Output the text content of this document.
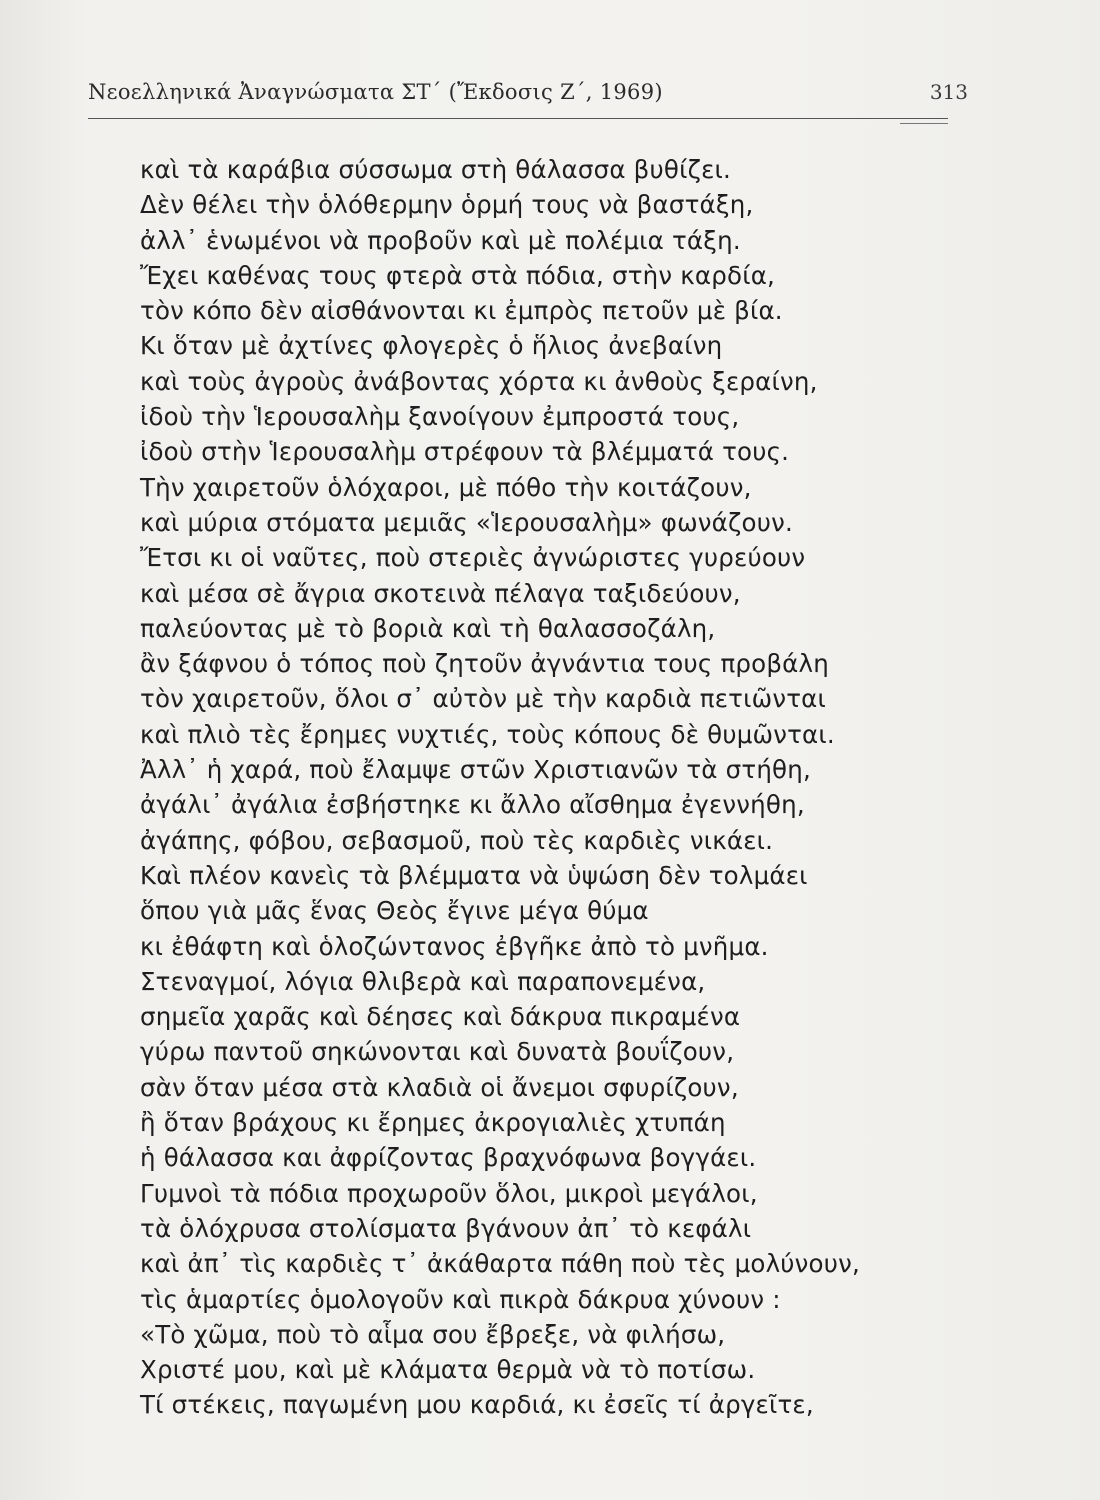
Νεοελληνικά Ἀναγνώσματα ΣΤ΄ (Ἔκδοσις Ζ΄, 1969)	313
καὶ τὰ καράβια σύσσωμα στὴ θάλασσα βυθίζει.
Δὲν θέλει τὴν ὁλόθερμην ὁρμή τους νὰ βαστάξη,
ἀλλ᾽ ἑνωμένοι νὰ προβοῦν καὶ μὲ πολέμια τάξη.
Ἔχει καθένας τους φτερὰ στὰ πόδια, στὴν καρδία,
τὸν κόπο δὲν αἰσθάνονται κι ἐμπρὸς πετοῦν μὲ βία.
Κι ὅταν μὲ ἀχτίνες φλογερὲς ὁ ἥλιος ἀνεβαίνη
καὶ τοὺς ἀγροὺς ἀνάβοντας χόρτα κι ἀνθοὺς ξεραίνη,
ἰδοὺ τὴν Ἱερουσαλὴμ ξανοίγουν ἐμπροστά τους,
ἰδοὺ στὴν Ἱερουσαλὴμ στρέφουν τὰ βλέμματά τους.
Τὴν χαιρετοῦν ὁλόχαροι, μὲ πόθο τὴν κοιτάζουν,
καὶ μύρια στόματα μεμιᾶς «Ἱερουσαλὴμ» φωνάζουν.
Ἔτσι κι οἱ ναῦτες, ποὺ στεριὲς ἀγνώριστες γυρεύουν
καὶ μέσα σὲ ἄγρια σκοτεινὰ πέλαγα ταξιδεύουν,
παλεύοντας μὲ τὸ βοριὰ καὶ τὴ θαλασσοζάλη,
ἂν ξάφνου ὁ τόπος ποὺ ζητοῦν ἀγνάντια τους προβάλη
τὸν χαιρετοῦν, ὅλοι σ᾽ αὐτὸν μὲ τὴν καρδιὰ πετιῶνται
καὶ πλιὸ τὲς ἔρημες νυχτιές, τοὺς κόπους δὲ θυμῶνται.
Ἀλλ᾽ ἡ χαρά, ποὺ ἔλαμψε στῶν Χριστιανῶν τὰ στήθη,
ἀγάλι᾽ ἀγάλια ἐσβήστηκε κι ἄλλο αἴσθημα ἐγεννήθη,
ἀγάπης, φόβου, σεβασμοῦ, ποὺ τὲς καρδιὲς νικάει.
Καὶ πλέον κανεὶς τὰ βλέμματα νὰ ὑψώση δὲν τολμάει
ὅπου γιὰ μᾶς ἕνας Θεὸς ἔγινε μέγα θύμα
κι ἐθάφτη καὶ ὁλοζώντανος ἐβγῆκε ἀπὸ τὸ μνῆμα.
Στεναγμοί, λόγια θλιβερὰ καὶ παραπονεμένα,
σημεῖα χαρᾶς καὶ δέησες καὶ δάκρυα πικραμένα
γύρω παντοῦ σηκώνονται καὶ δυνατὰ βουΐζουν,
σὰν ὅταν μέσα στὰ κλαδιὰ οἱ ἄνεμοι σφυρίζουν,
ἢ ὅταν βράχους κι ἔρημες ἀκρογιαλιὲς χτυπάη
ἡ θάλασσα και ἀφρίζοντας βραχνόφωνα βογγάει.
Γυμνοὶ τὰ πόδια προχωροῦν ὅλοι, μικροὶ μεγάλοι,
τὰ ὁλόχρυσα στολίσματα βγάνουν ἀπ᾽ τὸ κεφάλι
καὶ ἀπ᾽ τὶς καρδιὲς τ᾽ ἀκάθαρτα πάθη ποὺ τὲς μολύνουν,
τὶς ἁμαρτίες ὁμολογοῦν καὶ πικρὰ δάκρυα χύνουν :
«Τὸ χῶμα, ποὺ τὸ αἷμα σου ἔβρεξε, νὰ φιλήσω,
Χριστέ μου, καὶ μὲ κλάματα θερμὰ νὰ τὸ ποτίσω.
Τί στέκεις, παγωμένη μου καρδιά, κι ἐσεῖς τί ἀργεῖτε,
